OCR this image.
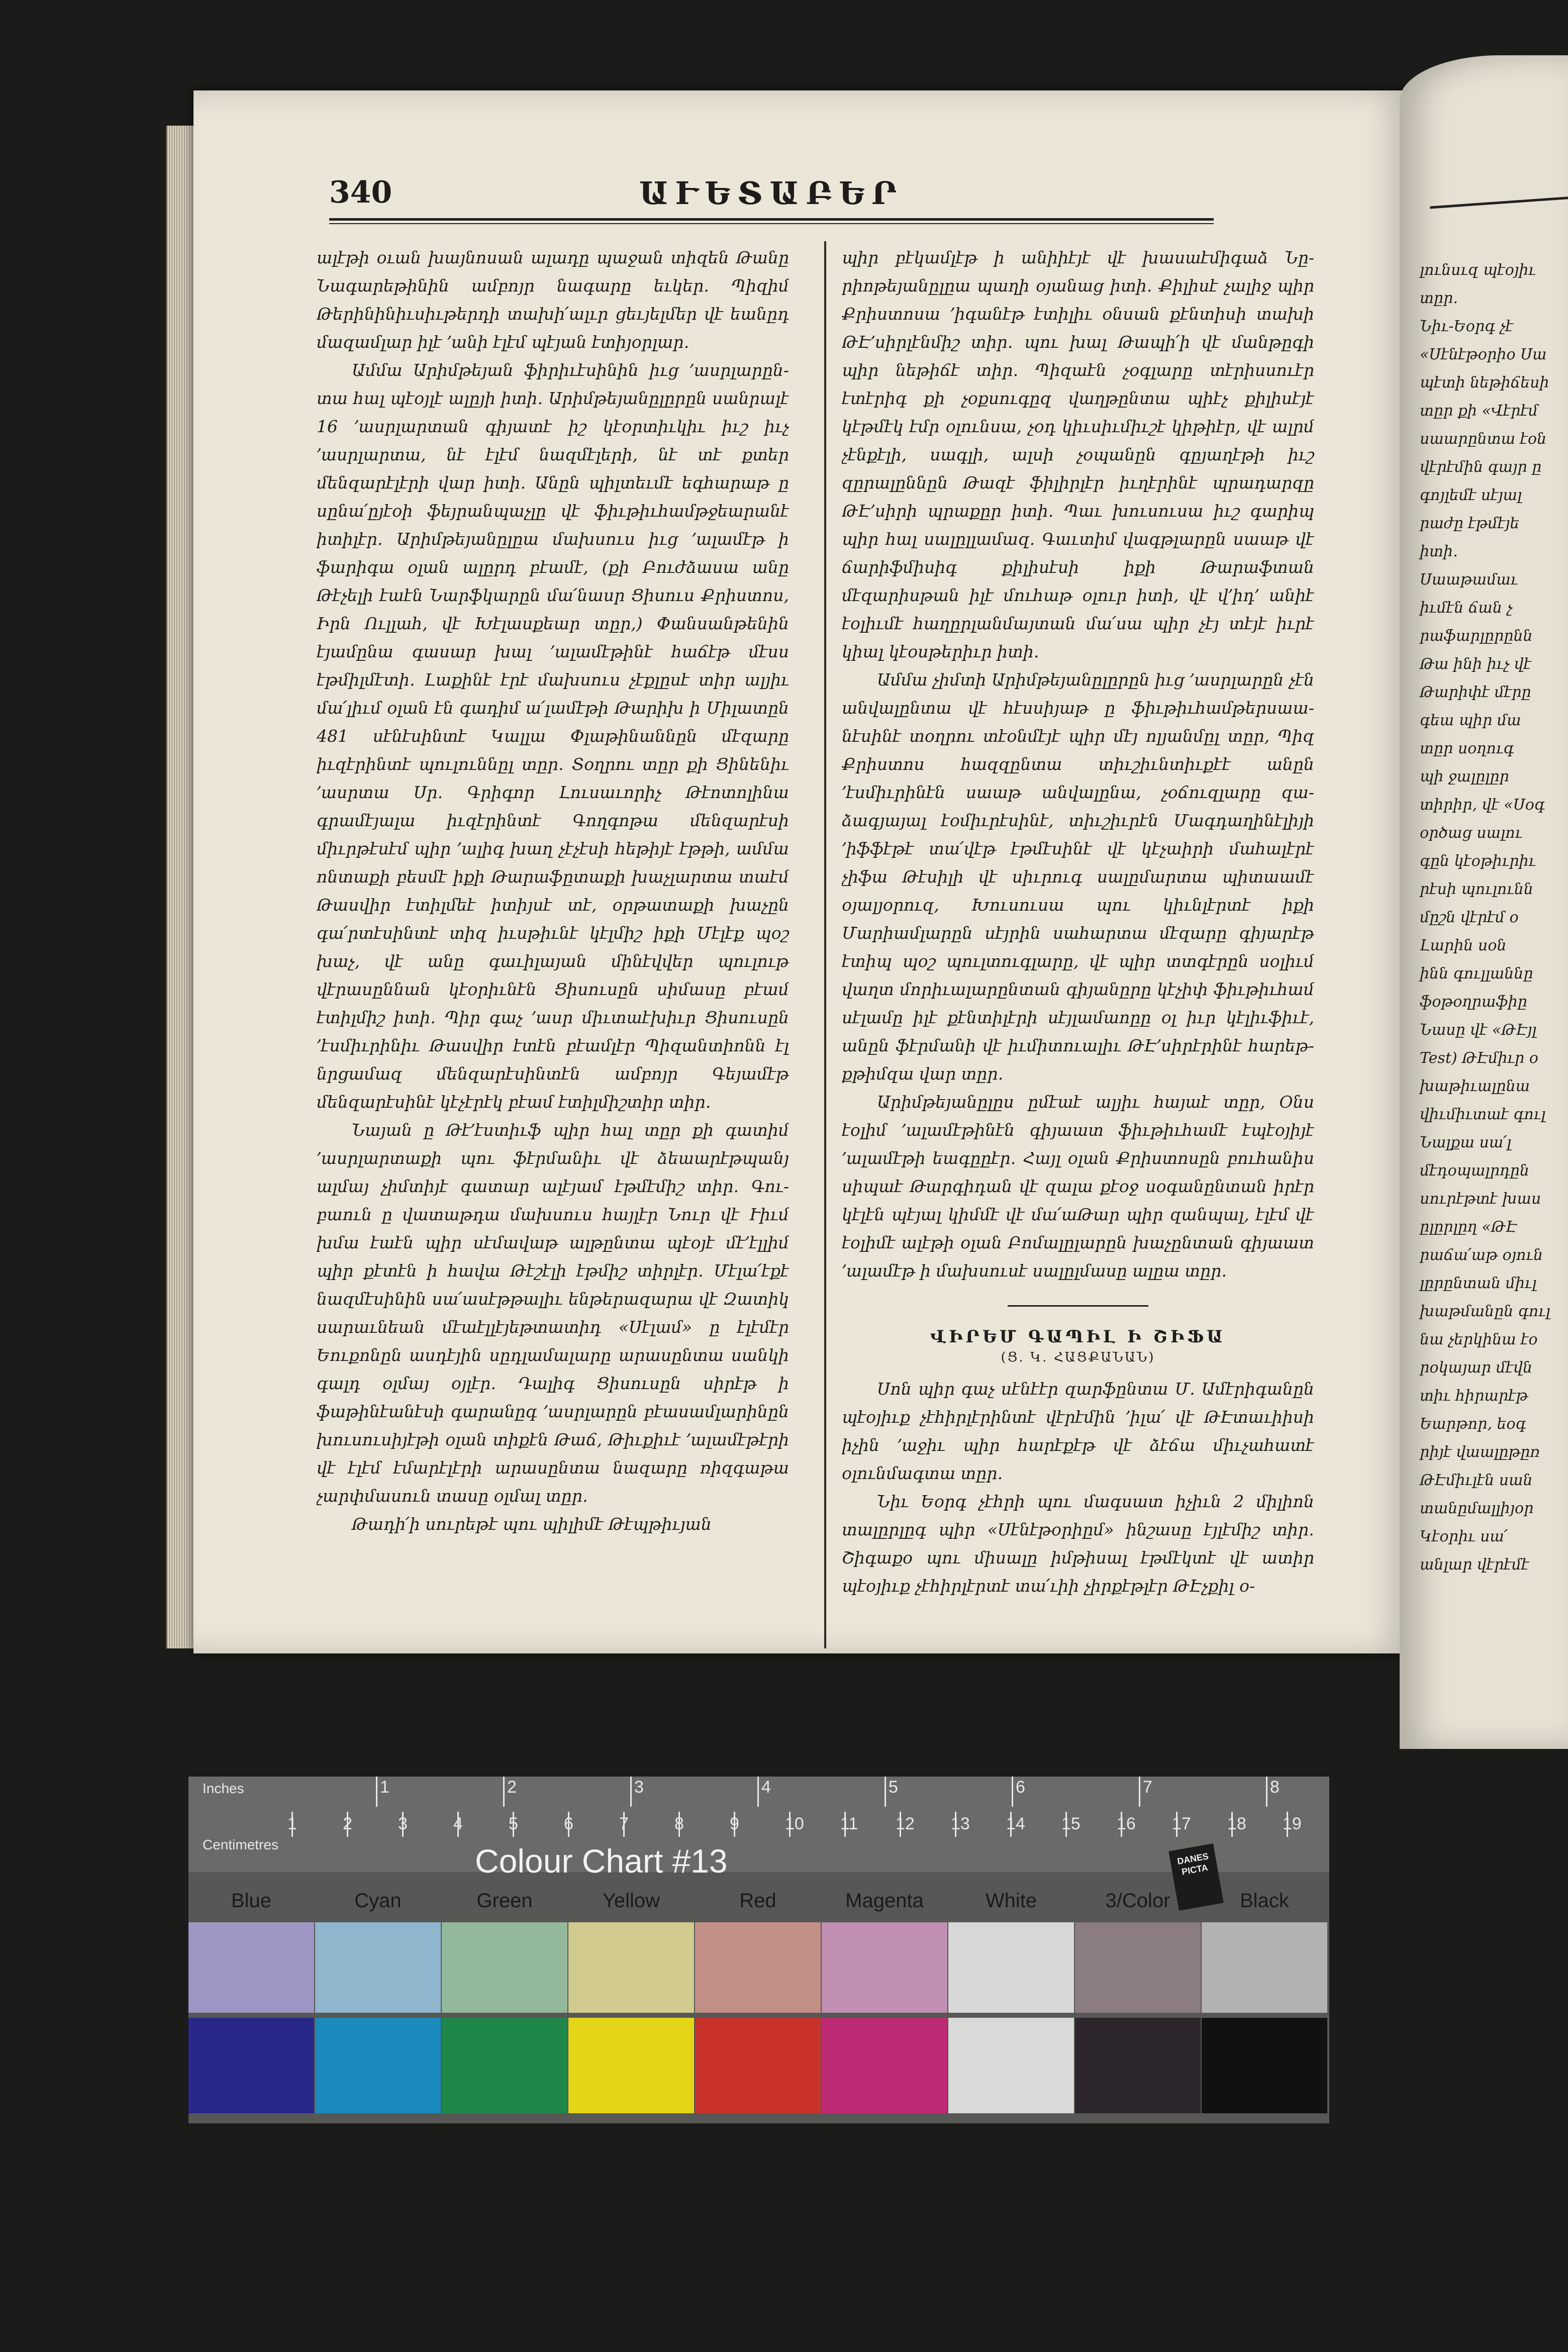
340	ԱՒԵՏԱԲԵՐ

ալէթի օւան խայնոսան ալադը պաջան տիզեն Թանը Նագարեթինին ամբոյր նագարը եւկեր․ Պիզիմ Թերինինիւսիւթերդի տախի՛ալւր ցեւյելմեր վէ եանըդ մազամլար իլէ ՚անի էլէմ պէյան էտիյօրլար․

Ամմա Արիմթեյան ֆիրիւէսինին իւց ՚ասրլարընտա հալ պէօյլէ ալըյի իտի․ Արիմթեյանըլըրըն սանրալէ 16 ՚ասրլարտան գիյատէ իշ կէօրտիւկիւ իւշ իւչ ՚ասրլարտա, նէ էլէմ նազմէլերի, նէ տէ քտեր մենզարէլէրի վար իտի․ Անըն պիլտեւմէ եգհարաթ ը սընա՛ըյէօի ֆեյրանպաչլը վէ ֆիւթիւհամթջեարանէ իտիլէր․ Արիմթեյանըլըա մախսուս իւց ՚ալամէթ ի ֆարիգա օլան ալըրդ բէամէ, (քի Բուժձասա անը Թէչելի էաէն Նարֆկարըն մա՛նասր Ցիսուս Քրիստոս, Իրն Ուլլահ, վէ Խէլասքեար տըր,) Փանսանթենին էյամընա գասար խալ ՚ալամէթինէ հաճէթ մէսս էթմիլմէտի․ Լաքինէ էրէ մախսուս չէքլըսէ տիր ալյիւ մա՛լիւմ օլան էն գադիմ ա՛լամէթի Թարիխ ի Միլատըն 481 սէնէսինտէ Կալլա Փլաթինաննըն մէզարը իւզէրինտէ պուլուննըլ տըր․ Տօղրու տըր քի Ցինենիւ ՚ասրտա Սր․ Գրիգոր Լուսաւորիչ Թէոտոլինա գրամէյալա իւզէրինտէ Գողգոթա մենզարէսի միւրթէսէմ պիր ՚ալիգ խաղ չէչէսի հեթիյէ էթթի, ամմա ոնտաքի բեսմէ իքի Թարաֆըտաքի խաչլարտա տաէմ Թասվիր էտիլմեէ իտիյսէ տէ, օրթատաքի խաչըն գա՛րտէսինտէ տիզ իւսթիւնէ կէլմիշ իքի Մէլէք պօշ խաչ, վէ անը գաւիլայան մինէվվեր պուլութ վէրասըննան կէօրիւնէն Ցիսուսըն սիմասը բէամ էտիլմիշ իտի․ Պիր գաչ ՚ասր միւտաէխիւր Ցիսուսըն ՚էսմիւրինիւ Թասվիր էտէն բէամլէր Պիզանտիոնն էլ նրցամազ մենզարէսինտէն ամբոյր Գեյամէթ մենզարէսինէ կէչէրէկ բէամ էտիլմիշտիր տիր․

Նայան ը Թէ՚էստիւֆ պիր հալ տըր քի գատիմ ՚ասրլարտաքի պու ֆէրմանիւ վէ ձեաարէթպանյ ալմայ չիմտիյէ գատար ալէյամ էթմէմիշ տիր․ Գուբաուն ը վատաթդա մախսուս հայլէր Նուր վէ Ւիւմ խմա էաէն պիր սէմավաթ ալթընտա պէօյէ մէ՚էլլիմ պիր քէտէն ի հավա Թէշէլի էթմիշ տիրլէր․ Մէլա՛էքէ նազմէսինին սա՛ասէթթալիւ ենթերազարա վէ Զատիկ սարաւնեան մէաէլլէյեթտատիդ «Սէլամ» ը էլէմէր Եուքոնըն ասդէյին սըդլամալարը արասընտա սանկի գալդ օլմայ օյլէր․ Դալիգ Ցիսուսըն սիրէթ ի ֆաթինէանէսի գարանըգ ՚ասրլարըն բէասամլարինըն խուսուսիյէթի օլան տիքէն Թաճ, Թիւքիւէ ՚ալամէթէրի վէ էլէմ էմարէլէրի արասընտա նազարը ռիզգաթա չարփմասուն տասը օլմալ տըր․

Թադի՛ի սուրեթէ պու պիլիմէ Թէպթիւյան

պիր բէկամլէթ ի անիիէյէ վէ խասաէմիգաձ Նըրիոթեյանըլըա պաղի օյանաց իտի․ Քիլիսէ չալիջ պիր Քրիստոսա ՚իգանէթ էտիլիւ օնսան քէնտիսի տախի ԹԷ՚սիրլէնմիշ տիր․ պու խալ Թապի՛ի վէ մանթըգի պիր նեթիճէ տիր․ Պիզաէն չօգլարը տէրիսսուէր էտէրիգ քի չօքսուգըզ վաղթընտա պիէչ քիլիսէյէ կէթմէկ էմր օլունսա, չօդ կիւսիւմիւշէ կիթիէր, վէ ալրմ չէնքէլի, սագլի, ալսի չօպանըն գըյաղէթի իւշ զըրալըննըն Թազէ ֆիլիրլէր իւղէրինէ պրադարզը ԹԷ՚սիրի պրաքըր իտի․ Պաւ խուսուսա իւշ գարիպ պիր հալ սալըլլամազ․ Գաւտիմ վագթլարըն սաաթ վէ ճարիֆմիսիգ քիլիսէսի իքի Թարաֆտան մէզարիսթան իլէ մուհաթ օլուր իտի, վէ վ՚իդ՚ անիէ էօլիւմէ հաղըրլանմայտան մա՛սա պիր չէյ տէյէ իւրէ կիալ կէօսթերիւր իտի․

Ամմա չիմտի Արիմթեյանըլըրըն իւց ՚ասրլարըն չէն անվալընտա վէ հէսսիյաթ ը ֆիւթիւհամթերսաանէսինէ տօղրու տէօնմէյէ պիր մէյ ոլյանմըլ տըր, Պիզ Քրիստոս հազզընտա տիւշիւնտիւքէէ անըն ՚էսմիւրինէն սաաթ անվալընա, չօճուզլարը զաձագյայալ էօմիւրէսինէ, տիւշիւրէն Մագդաղինէլիյի ՚իֆֆէթէ տա՛վէթ էթմէսինէ վէ կէչաիրի մահալէրէ չիֆա Թէսիլի վէ սիւրուգ սալըմարտա պիտաամէ օյալյօրուզ, Խուսուսա պու կիւնլէրտէ իքի Մարիամլարըն սէյրին սահարտա մէզարը գիյարէթ էտիպ պօշ պուլտուգլարը, վէ պիր տտգէրըն սօլիւմ վաղտ մորիւալարընտան գիյանըրը կէչիփ ֆիւթիւհամ սէլամը իլէ քէնտիլէրի սէյլամաոըը օլ իւր կէլիւֆիւէ, անըն ֆէրմանի վէ իւմիտուալիւ ԹԷ՚սիրէրինէ հարեթքթիմզա վար տըր․

Արիմթեյանըլըս ըմէաէ ալյիւ հայաէ տըր, Օնս էօլիմ ՚ալամէթինէն գիյաատ ֆիւթիւհամէ էպէօյիյէ ՚ալամէթի եագըըէր․ Հայլ օլան Քրիստոսըն բուհանիս սիպաէ Թարգիդան վէ զալա քէօջ սօգանընտան իրէր կէլէն պէյալ կիմմէ վէ մա՛աԹար պիր զանպալ, էլէմ վէ էօլիմէ ալէթի օլան Բոմալըլարըն խաչընտան գիյաատ ՚ալամէթ ի մախսուսէ սալըլմասը ալըա տըր․

ՎԻՐԵՄ ԳԱՊԻԼ Ի ՇԻՖԱ
(Ց․ Կ․ ՀԱՑՔԱՆԱՆ)

Սոն պիր գաչ սէնէէր զարֆընտա Մ․ Ամէրիգանըն պէօյիւք չէհիրլէրինտէ վէրէմին ՚իլա՛ վէ ԹԷտաւիիսի իչին ՚աջիւ պիր հարէքէթ վէ ձէճա միւչահատէ օլունմագտա տըր․

Նիւ Եօրգ չէհրի պու մագսատ իչիւն 2 միլիոն տալըրլըգ պիր «Սէնէթօրիըմ» ինշասը էյլէմիշ տիր․ Շիգաքօ պու միսալը իմթիսալ էթմէկտէ վէ ատիր պէօյիւք չէհիրլէրտէ տա՛ւիի չիրքէթլէր ԹԷչքիլ օ-

լունսւզ պէօյիւ
տըր․
Նիւ-Եօրգ չէ
«Սէնէթօրիօ Սա
պէտի նեթիճեսի
տըր քի «Վէրէմ
սաարընտա էօն
վէրէմին գայր ը
գոյլեմէ սէյալ
րաժը էթմէյե
իտի․
Սաաթամաւ
իւմէն ճան չ
րաֆարլըրընն
Թա ինի իւչ վէ
Թարիփէ մէրը
գեա պիր մա
տըր սօղուգ
պի ջալըլըր
տիրիր, վէ «Սօգ
օրծաց սալու
գըն կէօթիւրիւ
րէսի պուլունն
մըշն վէրէմ օ
Լարին սօն
ինն գուլլաննը
ֆօթօղրաֆիը
Նասը վէ «ԹԷյլ
Test) ԹԷմիւր օ
խաթիւալընա
վիւմիւտաէ գուլ
Նալքա սա՛լ
մէդօպալրդըն
սուրէթտէ խաս
ըլըրլըղ «ԹԷ
րաճա՛աթ օյուն
լըրընտան միւլ
խաթմանըն գուլ
նա չերկինա էօ
րօկայար մէվն
տիւ հիրարէթ
Եարթոր, եօգ
րիյէ վաալըթըռ
ԹԷմիւլէն սան
տանըմալլիյօր
Կէօրիւ սա՛
անլար վէրէմէ
Inches
Centimetres
1	2	3	4	5	6	7	8
1	2	3	4	5	6	7	8	9	10 11 12 13 14 15 16 17 18 19
Colour Chart #13	DANES PICTA
Blue	Cyan	Green	Yellow	Red	Magenta	White	3/Color	Black
